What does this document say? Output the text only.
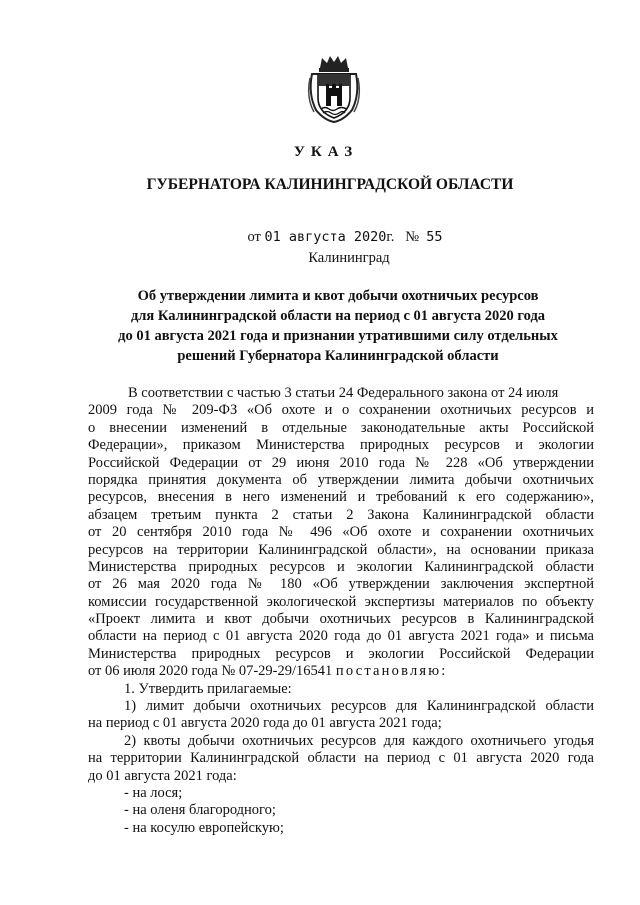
УКАЗ
ГУБЕРНАТОРА КАЛИНИНГРАДСКОЙ ОБЛАСТИ
от 01 августа 2020г. № 55
Калининград
Об утверждении лимита и квот добычи охотничьих ресурсов
для Калининградской области на период с 01 августа 2020 года
до 01 августа 2021 года и признании утратившими силу отдельных
решений Губернатора Калининградской области
В соответствии с частью 3 статьи 24 Федерального закона от 24 июля
2009 года № 209-ФЗ «Об охоте и о сохранении охотничьих ресурсов и
о внесении изменений в отдельные законодательные акты Российской
Федерации», приказом Министерства природных ресурсов и экологии
Российской Федерации от 29 июня 2010 года № 228 «Об утверждении
порядка принятия документа об утверждении лимита добычи охотничьих
ресурсов, внесения в него изменений и требований к его содержанию»,
абзацем третьим пункта 2 статьи 2 Закона Калининградской области
от 20 сентября 2010 года № 496 «Об охоте и сохранении охотничьих
ресурсов на территории Калининградской области», на основании приказа
Министерства природных ресурсов и экологии Калининградской области
от 26 мая 2020 года № 180 «Об утверждении заключения экспертной
комиссии государственной экологической экспертизы материалов по объекту
«Проект лимита и квот добычи охотничьих ресурсов в Калининградской
области на период с 01 августа 2020 года до 01 августа 2021 года» и письма
Министерства природных ресурсов и экологии Российской Федерации
от 06 июля 2020 года № 07-29-29/16541 постановляю:
1. Утвердить прилагаемые:
1) лимит добычи охотничьих ресурсов для Калининградской области
на период с 01 августа 2020 года до 01 августа 2021 года;
2) квоты добычи охотничьих ресурсов для каждого охотничьего угодья
на территории Калининградской области на период с 01 августа 2020 года
до 01 августа 2021 года:
- на лося;
- на оленя благородного;
- на косулю европейскую;
